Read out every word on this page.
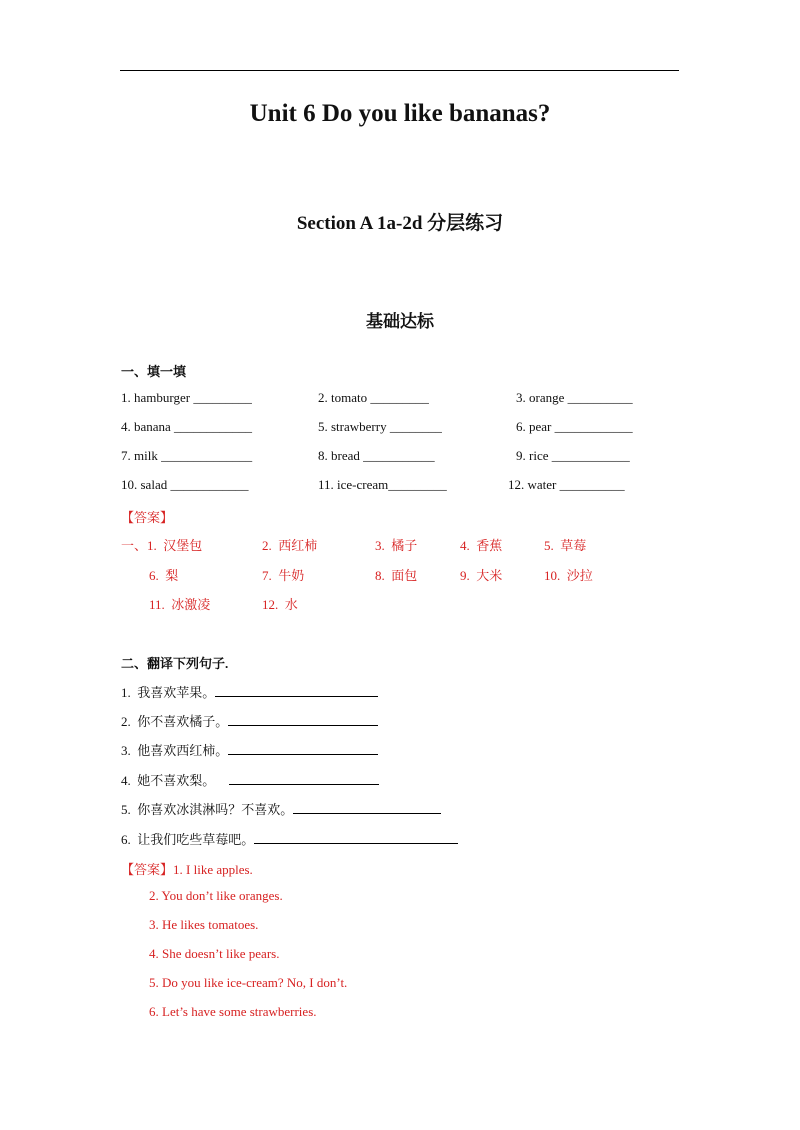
Unit 6 Do you like bananas?
Section A 1a-2d 分层练习
基础达标
一、填一填
1. hamburger _________	2. tomato _________	3. orange __________
4. banana ____________	5. strawberry ________	6. pear ____________
7. milk ______________	8. bread ___________	9. rice ____________
10. salad ____________	11. ice-cream_________	12. water __________
【答案】
一、1.  汉堡包	2.  西红柿	3.  橘子	4.  香蕉	5.  草莓
6.  梨	7.  牛奶	8.  面包	9.  大米	10.  沙拉
11.  冰激凌	12.  水
二、翻译下列句子.
1.  我喜欢苹果。
2.  你不喜欢橘子。
3.  他喜欢西红柿。
4.  她不喜欢梨。
5.  你喜欢冰淇淋吗？不喜欢。
6.  让我们吃些草莓吧。
【答案】1. I like apples.
2. You don’t like oranges.
3. He likes tomatoes.
4. She doesn’t like pears.
5. Do you like ice-cream? No, I don’t.
6. Let’s have some strawberries.
